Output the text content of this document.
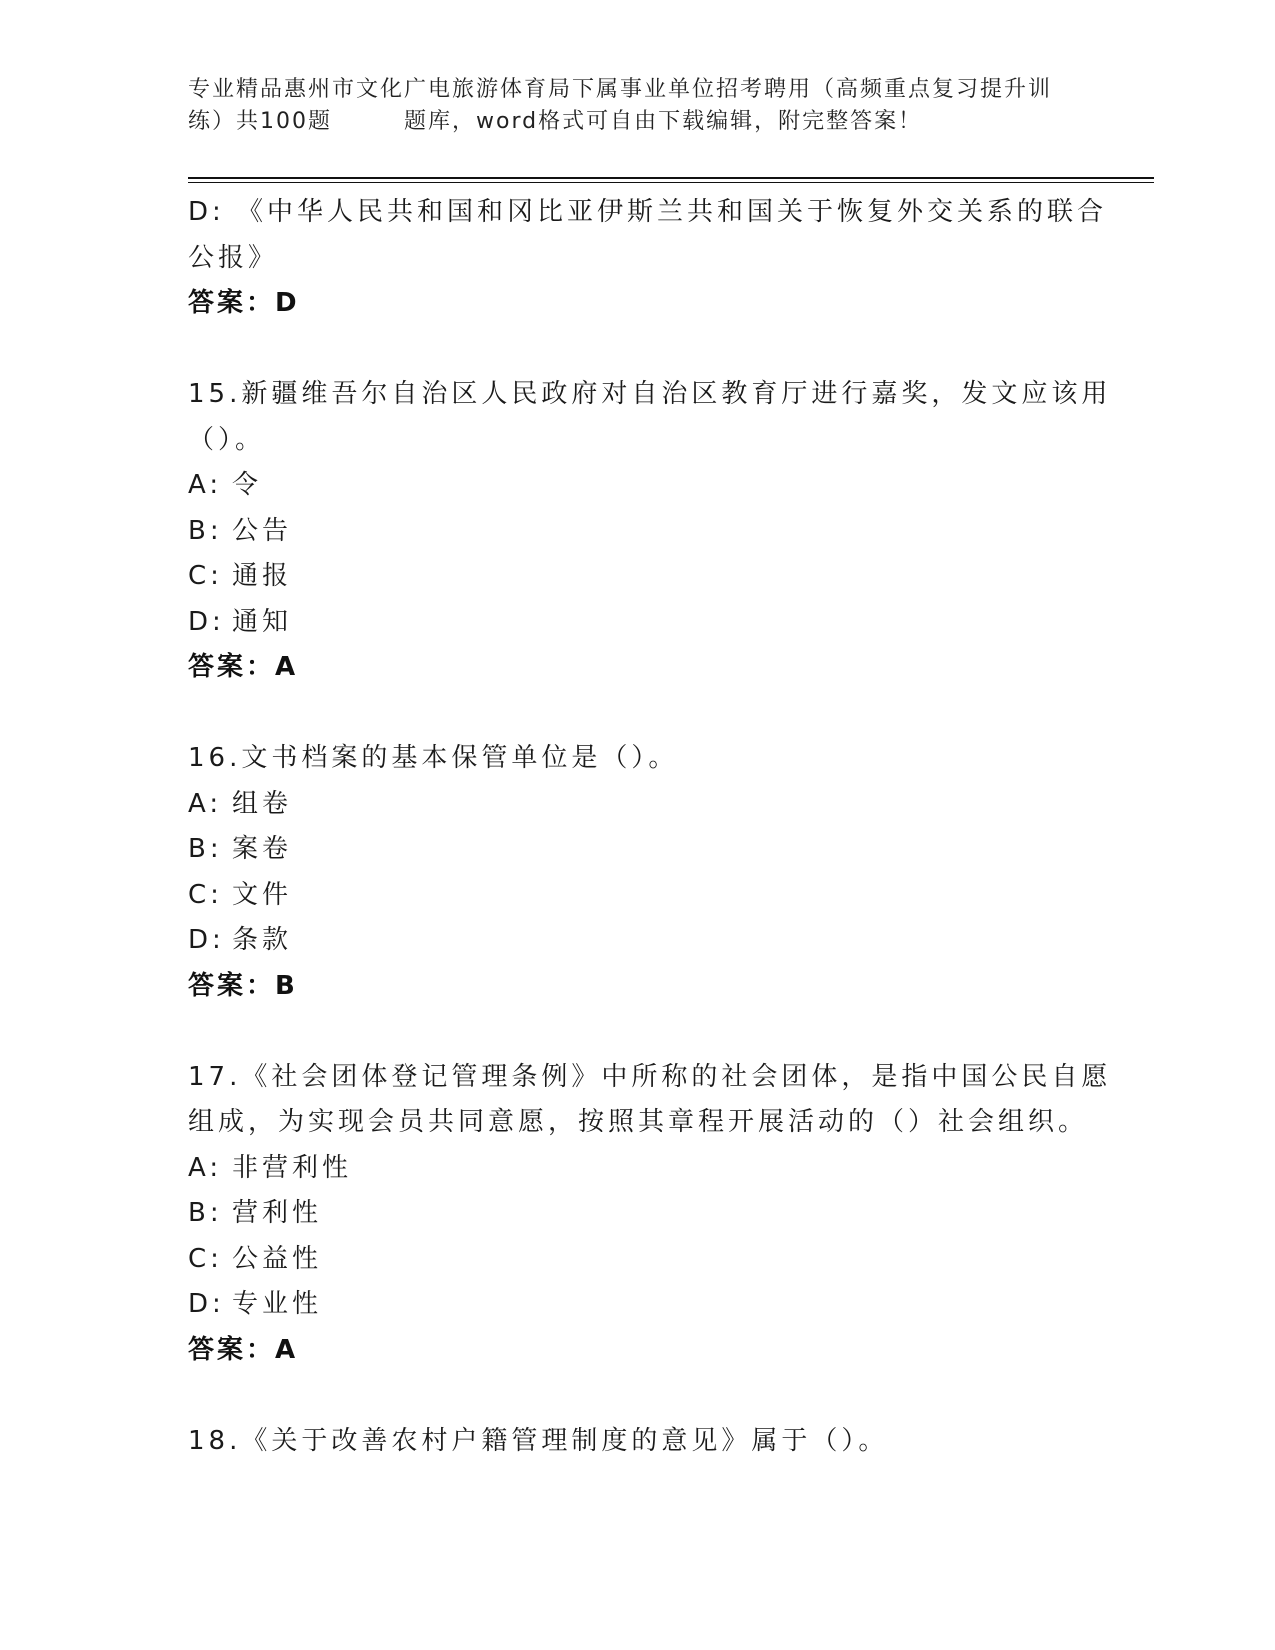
专业精品惠州市文化广电旅游体育局下属事业单位招考聘用（高频重点复习提升训
练）共100题	题库，word格式可自由下载编辑，附完整答案！
D: 《中华人民共和国和冈比亚伊斯兰共和国关于恢复外交关系的联合
公报》
答案：D
15.新疆维吾尔自治区人民政府对自治区教育厅进行嘉奖，发文应该用
（）。
A: 令
B: 公告
C: 通报
D: 通知
答案：A
16.文书档案的基本保管单位是（）。
A: 组卷
B: 案卷
C: 文件
D: 条款
答案：B
17.《社会团体登记管理条例》中所称的社会团体，是指中国公民自愿
组成，为实现会员共同意愿，按照其章程开展活动的（）社会组织。
A: 非营利性
B: 营利性
C: 公益性
D: 专业性
答案：A
18.《关于改善农村户籍管理制度的意见》属于（）。
